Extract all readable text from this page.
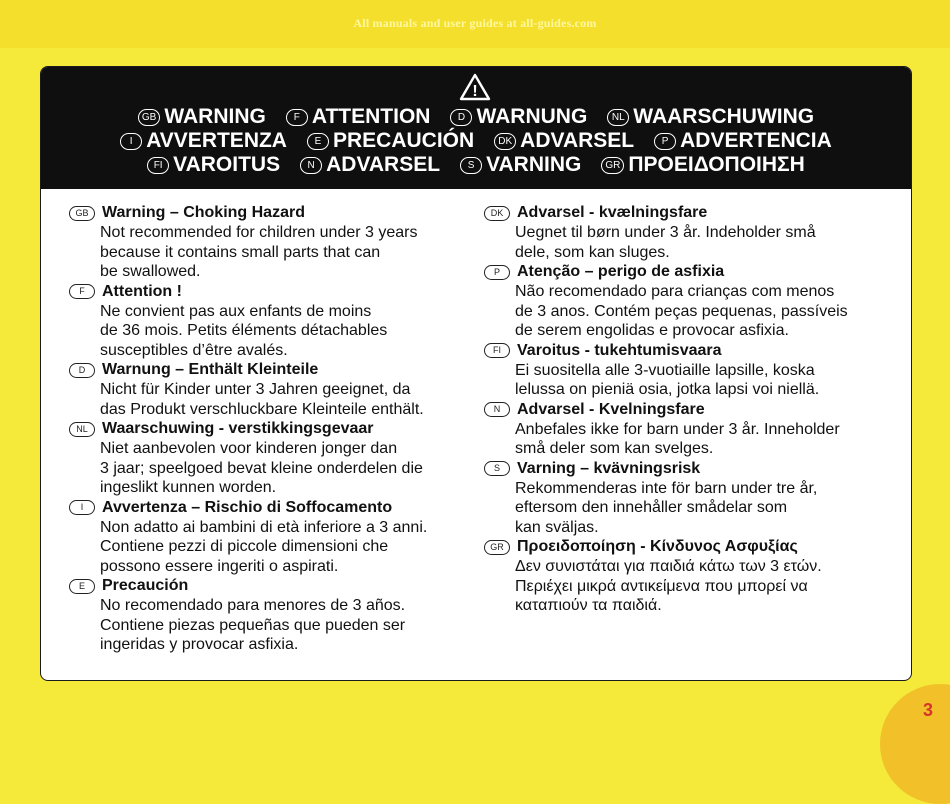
All manuals and user guides at all-guides.com
!
GB WARNING	F ATTENTION	D WARNUNG	NL WAARSCHUWING
I AVVERTENZA	E PRECAUCIÓN	DK ADVARSEL	P ADVERTENCIA
FI VAROITUS	N ADVARSEL	S VARNING	GR ΠΡΟΕΙΔΟΠΟΙΗΣΗ
GB Warning – Choking Hazard
Not recommended for children under 3 years
because it contains small parts that can
be swallowed.
F	Attention !
Ne convient pas aux enfants de moins
de 36 mois. Petits éléments détachables
susceptibles d’être avalés.
D	Warnung – Enthält Kleinteile
Nicht für Kinder unter 3 Jahren geeignet, da
das Produkt verschluckbare Kleinteile enthält.
NL Waarschuwing - verstikkingsgevaar
Niet aanbevolen voor kinderen jonger dan
3 jaar; speelgoed bevat kleine onderdelen die
ingeslikt kunnen worden.
I	Avvertenza – Rischio di Soffocamento
Non adatto ai bambini di età inferiore a 3 anni.
Contiene pezzi di piccole dimensioni che
possono essere ingeriti o aspirati.
E	Precaución
No recomendado para menores de 3 años.
Contiene piezas pequeñas que pueden ser
ingeridas y provocar asfixia.
DK Advarsel - kvælningsfare
Uegnet til børn under 3 år. Indeholder små
dele, som kan sluges.
P	Atenção – perigo de asfixia
Não recomendado para crianças com menos
de 3 anos. Contém peças pequenas, passíveis
de serem engolidas e provocar asfixia.
FI	Varoitus - tukehtumisvaara
Ei suositella alle 3-vuotiaille lapsille, koska
lelussa on pieniä osia, jotka lapsi voi niellä.
N	Advarsel - Kvelningsfare
Anbefales ikke for barn under 3 år. Inneholder
små deler som kan svelges.
S	Varning – kvävningsrisk
Rekommenderas inte för barn under tre år,
eftersom den innehåller smådelar som
kan sväljas.
GR Προειδοποίηση - Κίνδυνος Ασφυξίας
Δεν συνιστάται για παιδιά κάτω των 3 ετών.
Περιέχει μικρά αντικείμενα που μπορεί να
καταπιούν τα παιδιά.
3
